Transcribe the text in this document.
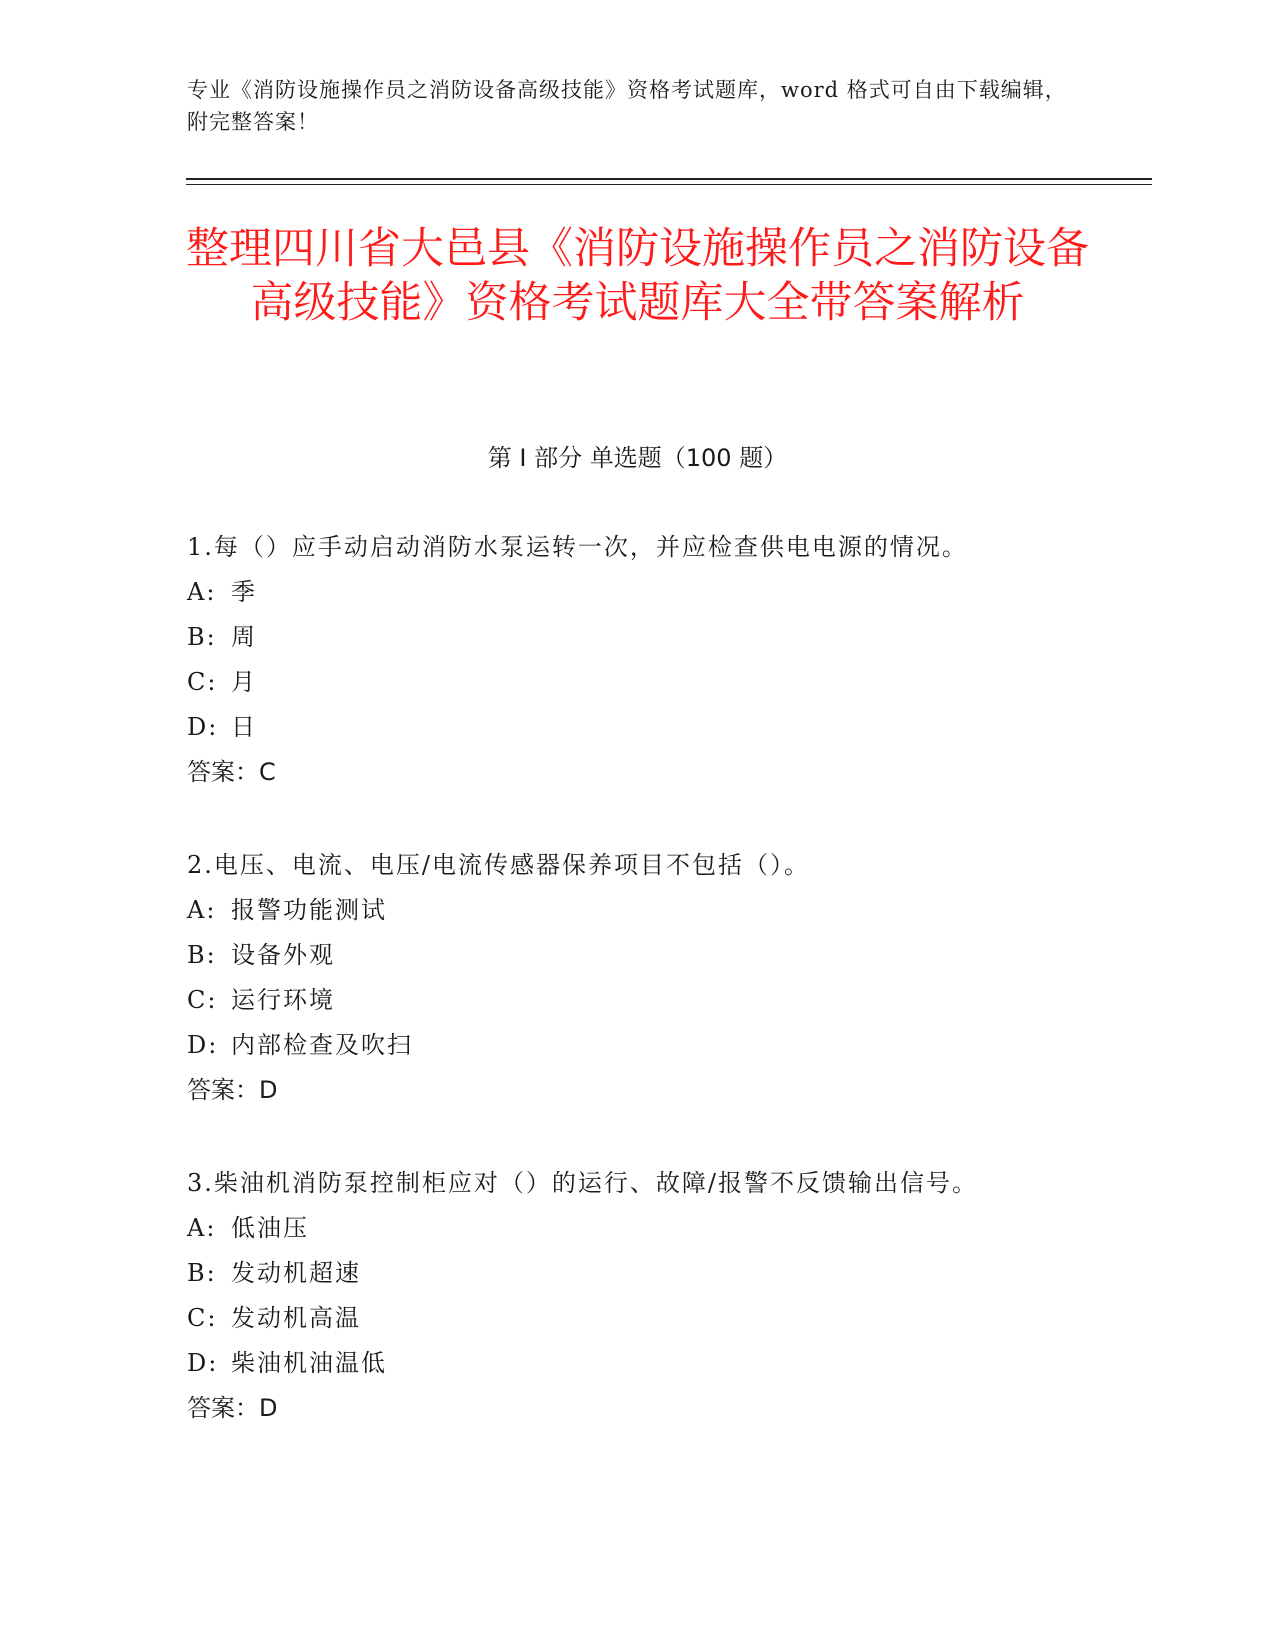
专业《消防设施操作员之消防设备高级技能》资格考试题库，word 格式可自由下载编辑，附完整答案！
整理四川省大邑县《消防设施操作员之消防设备高级技能》资格考试题库大全带答案解析
第 I 部分 单选题（100 题）
1.每（）应手动启动消防水泵运转一次，并应检查供电电源的情况。
A: 季
B: 周
C: 月
D: 日
答案：C
2.电压、电流、电压/电流传感器保养项目不包括（）。
A: 报警功能测试
B: 设备外观
C: 运行环境
D: 内部检查及吹扫
答案：D
3.柴油机消防泵控制柜应对（）的运行、故障/报警不反馈输出信号。
A: 低油压
B: 发动机超速
C: 发动机高温
D: 柴油机油温低
答案：D
